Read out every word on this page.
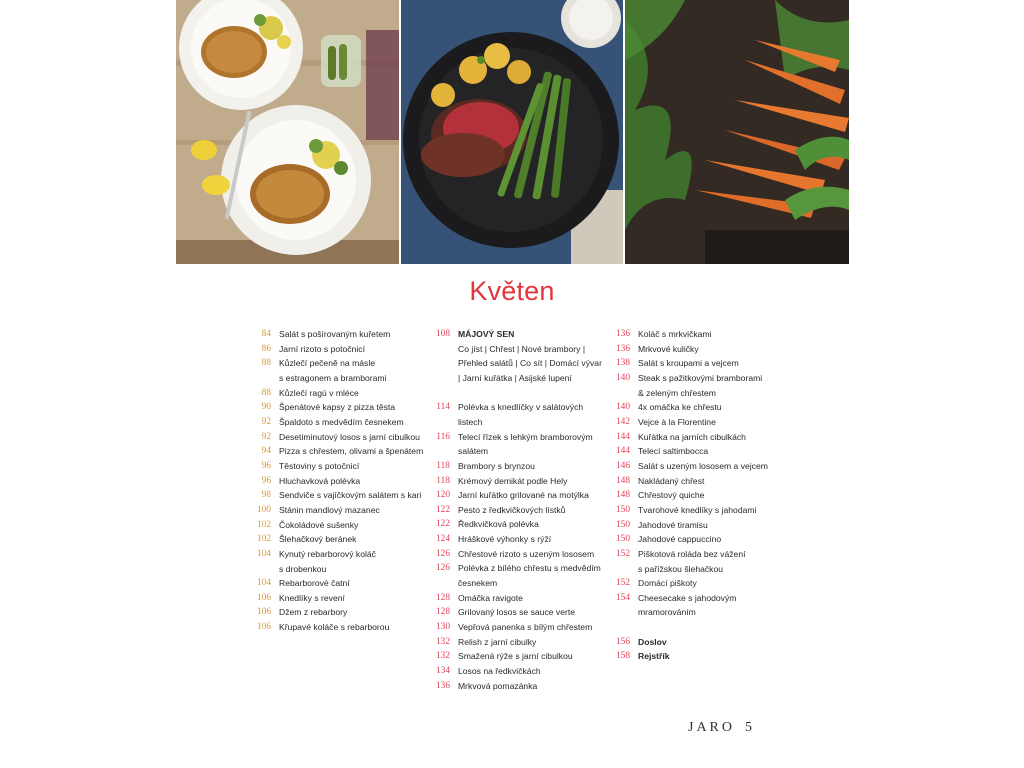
Květen
84 Salát s pošírovaným kuřetem
86 Jarní rizoto s potočnicí
88 Kůzlečí pečeně na másle
s estragonem a bramborami
88 Kůzlečí ragú v mléce
90 Špenátové kapsy z pizza těsta
92 Špaldoto s medvědím česnekem
92 Desetiminutový losos s jarní cibulkou
94 Pizza s chřestem, olivami a špenátem
96 Těstoviny s potočnicí
96 Hluchavková polévka
98 Sendviče s vajíčkovým salátem s kari
100 Stánin mandlový mazanec
102 Čokoládové sušenky
102 Šlehačkový beránek
104 Kynutý rebarborový koláč
s drobenkou
104 Rebarborové čatní
106 Knedlíky s revení
106 Džem z rebarbory
106 Křupavé koláče s rebarborou
108 MÁJOVÝ SEN
Co jíst | Chřest | Nové brambory |
Přehled salátů | Co sít | Domácí vývar
| Jarní kuřátka | Asijské lupení
114 Polévka s knedlíčky v salátových
listech
116 Telecí řízek s lehkým bramborovým
salátem
118 Brambory s brynzou
118 Krémový demikát podle Hely
120 Jarní kuřátko grilované na motýlka
122 Pesto z ředkvičkových lístků
122 Ředkvičková polévka
124 Hráškové výhonky s rýží
126 Chřestové rizoto s uzeným lososem
126 Polévka z bílého chřestu s medvědím
česnekem
128 Omáčka ravigote
128 Grilovaný losos se sauce verte
130 Vepřová panenka s bílým chřestem
132 Relish z jarní cibulky
132 Smažená rýže s jarní cibulkou
134 Losos na ředkvičkách
136 Mrkvová pomazánka
136 Koláč s mrkvičkami
136 Mrkvové kuličky
138 Salát s kroupami a vejcem
140 Steak s pažitkovými bramborami
& zeleným chřestem
140 4x omáčka ke chřestu
142 Vejce à la Florentine
144 Kuřátka na jarních cibulkách
144 Telecí saltimbocca
146 Salát s uzeným lososem a vejcem
148 Nakládaný chřest
148 Chřestový quiche
150 Tvarohové knedlíky s jahodami
150 Jahodové tiramisu
150 Jahodové cappuccino
152 Piškotová roláda bez vážení
s pařížskou šlehačkou
152 Domácí piškoty
154 Cheesecake s jahodovým
mramorováním
156 Doslov
158 Rejstřík
JARO 5
